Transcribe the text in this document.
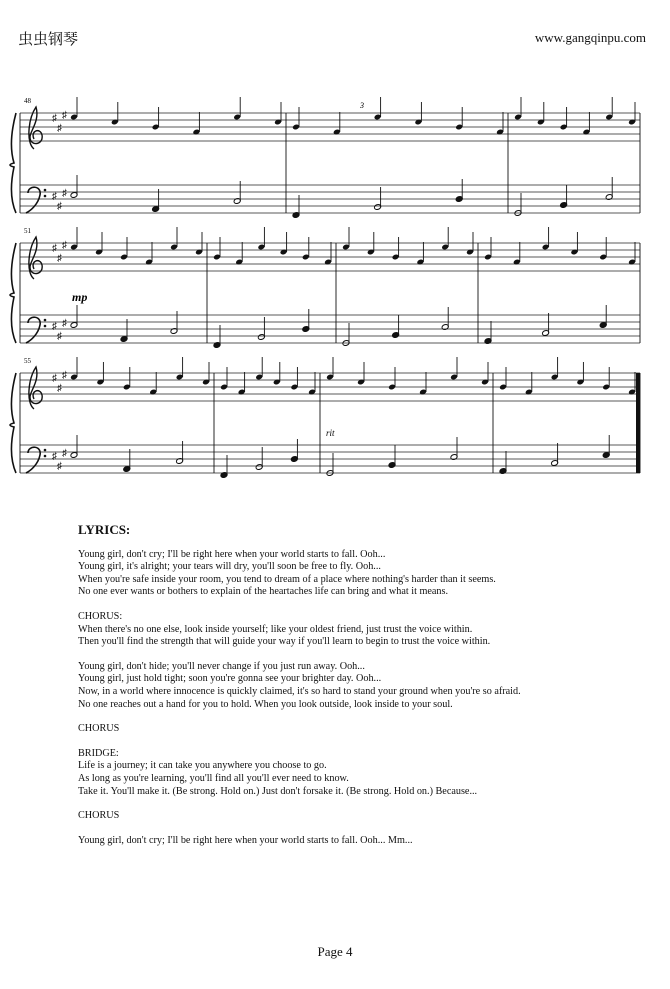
虫虫钢琴	www.gangqinpu.com
♯
♯
♯
♯
♯
♯
♯
♯
♯
♯
♯
♯
♯
♯
♯
♯
♯
♯
48
51
55
mp
rit
3
LYRICS:
Young girl, don't cry; I'll be right here when your world starts to fall. Ooh...
Young girl, it's alright; your tears will dry, you'll soon be free to fly. Ooh...
When you're safe inside your room, you tend to dream of a place where nothing's harder than it seems.
No one ever wants or bothers to explain of the heartaches life can bring and what it means.
CHORUS:
When there's no one else, look inside yourself; like your oldest friend, just trust the voice within.
Then you'll find the strength that will guide your way if you'll learn to begin to trust the voice within.
Young girl, don't hide; you'll never change if you just run away. Ooh...
Young girl, just hold tight; soon you're gonna see your brighter day. Ooh...
Now, in a world where innocence is quickly claimed, it's so hard to stand your ground when you're so afraid.
No one reaches out a hand for you to hold. When you look outside, look inside to your soul.
CHORUS
BRIDGE:
Life is a journey; it can take you anywhere you choose to go.
As long as you're learning, you'll find all you'll ever need to know.
Take it. You'll make it. (Be strong. Hold on.) Just don't forsake it. (Be strong. Hold on.) Because...
CHORUS
Young girl, don't cry; I'll be right here when your world starts to fall. Ooh... Mm...
Page 4
